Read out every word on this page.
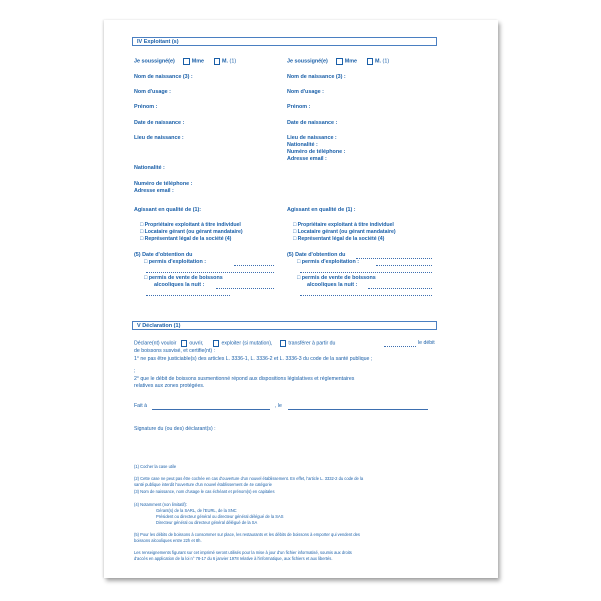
IV Exploitant (s)
Je soussigné(e)	Mme	M. (1)
Nom de naissance (3) :
Nom d'usage :
Prénom :
Date de naissance :
Lieu de naissance :
Nationalité :
Numéro de téléphone :
Adresse email :
Agissant en qualité de (1):
□ Propriétaire exploitant à titre individuel
□ Locataire gérant (ou gérant mandataire)
□ Représentant légal de la société (4)
(5) Date d'obtention du
□ permis d'exploitation :
□ permis de vente de boissons
alcooliques la nuit :
Je soussigné(e)	Mme	M. (1)
Nom de naissance (3) :
Nom d'usage :
Prénom :
Date de naissance :
Lieu de naissance :
Nationalité :
Numéro de téléphone :
Adresse email :
Agissant en qualité de (1) :
□ Propriétaire exploitant à titre individuel
□ Locataire gérant (ou gérant mandataire)
□ Représentant légal de la société (4)
(5) Date d'obtention du
□ permis d'exploitation :
□ permis de vente de boissons
alcooliques la nuit :
V Déclaration (1)
Déclare(nt) vouloir ouvrir,	exploiter (si mutation),	transférer à partir du	le débit
de boissons susvisé, et certifie(nt) :
1° ne pas être justiciable(s) des articles L. 3336-1, L. 3336-2 et L. 3336-3 du code de la santé publique ;
;
2° que le débit de boissons susmentionné répond aux dispositions législatives et réglementaires
relatives aux zones protégées.
Fait à	, le
Signature du (ou des) déclarant(s) :
(1) Cocher la case utile
(2) Cette case ne peut pas être cochée en cas d'ouverture d'un nouvel établissement. En effet, l'article L. 3332-2 du code de la
santé publique interdit l'ouverture d'un nouvel établissement de 4e catégorie
(3) Nom de naissance, nom d'usage le cas échéant et prénom(s) en capitales
(4) Notamment (non limitatif):
Gérant(s) de la SARL, de l'EURL, de la SNC
Président ou directeur général ou directeur général délégué de la SAS
Directeur général ou directeur général délégué de la SA
(5) Pour les débits de boissons à consommer sur place, les restaurants et les débits de boissons à emporter qui vendent des
boissons alcooliques entre 22h et 8h.
Les renseignements figurant sur cet imprimé seront utilisés pour la mise à jour d'un fichier informatisé, soumis aux droits
d'accès en application de la loi n° 78-17 du 6 janvier 1978 relative à l'informatique, aux fichiers et aux libertés.
